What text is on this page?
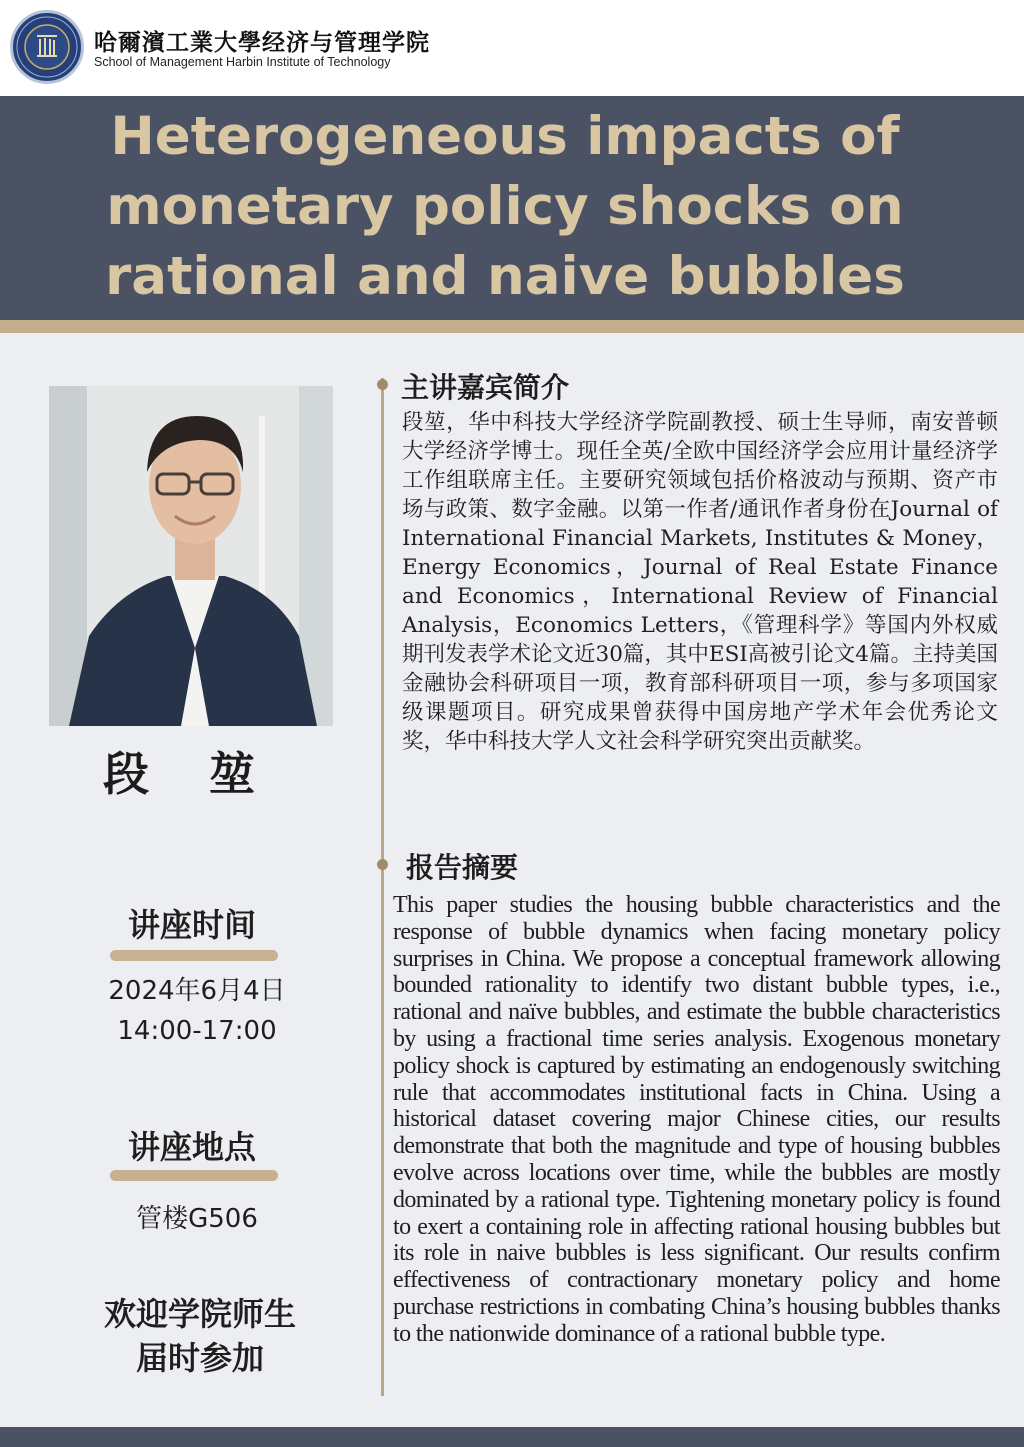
哈爾濱工業大學经济与管理学院
School of Management Harbin Institute of Technology
Heterogeneous impacts of monetary policy shocks on rational and naive bubbles
段 堃
讲座时间
2024年6月4日
14:00-17:00
讲座地点
管楼G506
欢迎学院师生
届时参加
主讲嘉宾简介

段堃，华中科技大学经济学院副教授、硕士生导师，南安普顿大学经济学博士。现任全英/全欧中国经济学会应用计量经济学工作组联席主任。主要研究领域包括价格波动与预期、资产市场与政策、数字金融。以第一作者/通讯作者身份在Journal of International Financial Markets, Institutes & Money，Energy Economics，Journal of Real Estate Finance and Economics，International Review of Financial Analysis，Economics Letters，《管理科学》等国内外权威期刊发表学术论文近30篇，其中ESI高被引论文4篇。主持美国金融协会科研项目一项，教育部科研项目一项，参与多项国家级课题项目。研究成果曾获得中国房地产学术年会优秀论文奖，华中科技大学人文社会科学研究突出贡献奖。

报告摘要

This paper studies the housing bubble characteristics and the response of bubble dynamics when facing monetary policy surprises in China. We propose a conceptual framework allowing bounded rationality to identify two distant bubble types, i.e., rational and naïve bubbles, and estimate the bubble characteristics by using a fractional time series analysis. Exogenous monetary policy shock is captured by estimating an endogenously switching rule that accommodates institutional facts in China. Using a historical dataset covering major Chinese cities, our results demonstrate that both the magnitude and type of housing bubbles evolve across locations over time, while the bubbles are mostly dominated by a rational type. Tightening monetary policy is found to exert a containing role in affecting rational housing bubbles but its role in naive bubbles is less significant. Our results confirm effectiveness of contractionary monetary policy and home purchase restrictions in combating China’s housing bubbles thanks to the nationwide dominance of a rational bubble type.
